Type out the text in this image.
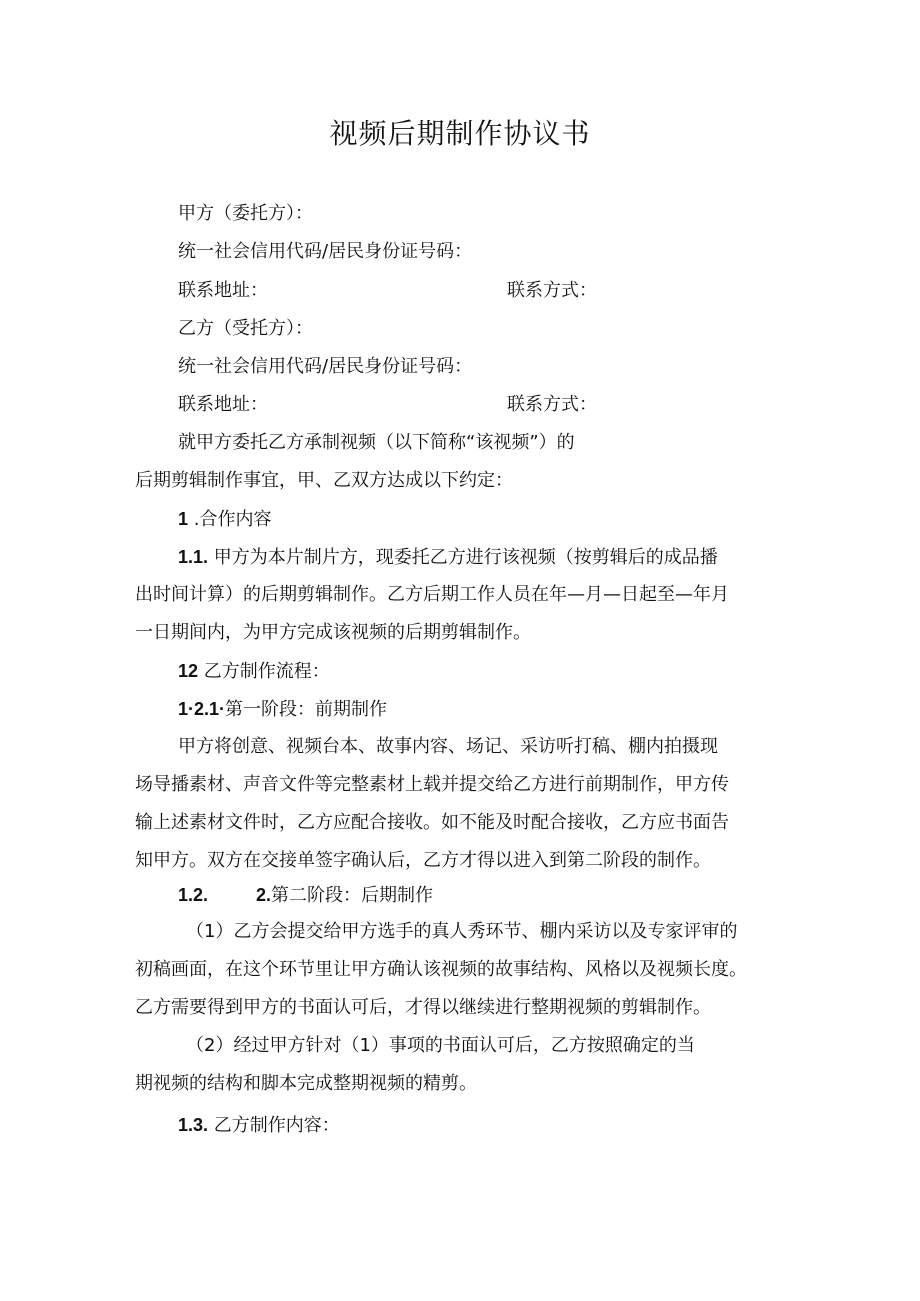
视频后期制作协议书
甲方（委托方）：
统一社会信用代码/居民身份证号码：
联系地址：	联系方式：
乙方（受托方）：
统一社会信用代码/居民身份证号码：
联系地址：	联系方式：
就甲方委托乙方承制视频（以下简称“该视频”）的
后期剪辑制作事宜，甲、乙双方达成以下约定：
1 .合作内容
1.1. 甲方为本片制片方，现委托乙方进行该视频（按剪辑后的成品播
出时间计算）的后期剪辑制作。乙方后期工作人员在年—月—日起至—年月
一日期间内，为甲方完成该视频的后期剪辑制作。
12 乙方制作流程：
1·2.1·第一阶段：前期制作
甲方将创意、视频台本、故事内容、场记、采访听打稿、棚内拍摄现
场导播素材、声音文件等完整素材上载并提交给乙方进行前期制作，甲方传
输上述素材文件时，乙方应配合接收。如不能及时配合接收，乙方应书面告
知甲方。双方在交接单签字确认后，乙方才得以进入到第二阶段的制作。
1.2.	2.第二阶段：后期制作
（1）乙方会提交给甲方选手的真人秀环节、棚内采访以及专家评审的
初稿画面，在这个环节里让甲方确认该视频的故事结构、风格以及视频长度。
乙方需要得到甲方的书面认可后，才得以继续进行整期视频的剪辑制作。
（2）经过甲方针对（1）事项的书面认可后，乙方按照确定的当
期视频的结构和脚本完成整期视频的精剪。
1.3. 乙方制作内容：
